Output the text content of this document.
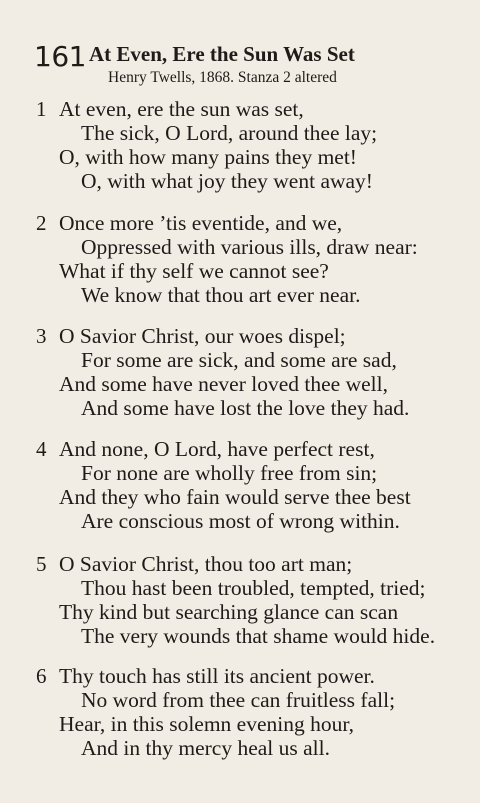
161 At Even, Ere the Sun Was Set
Henry Twells, 1868. Stanza 2 altered
1 At even, ere the sun was set,
The sick, O Lord, around thee lay;
O, with how many pains they met!
O, with what joy they went away!
2 Once more ’tis eventide, and we,
Oppressed with various ills, draw near:
What if thy self we cannot see?
We know that thou art ever near.
3 O Savior Christ, our woes dispel;
For some are sick, and some are sad,
And some have never loved thee well,
And some have lost the love they had.
4 And none, O Lord, have perfect rest,
For none are wholly free from sin;
And they who fain would serve thee best
Are conscious most of wrong within.
5 O Savior Christ, thou too art man;
Thou hast been troubled, tempted, tried;
Thy kind but searching glance can scan
The very wounds that shame would hide.
6 Thy touch has still its ancient power.
No word from thee can fruitless fall;
Hear, in this solemn evening hour,
And in thy mercy heal us all.
